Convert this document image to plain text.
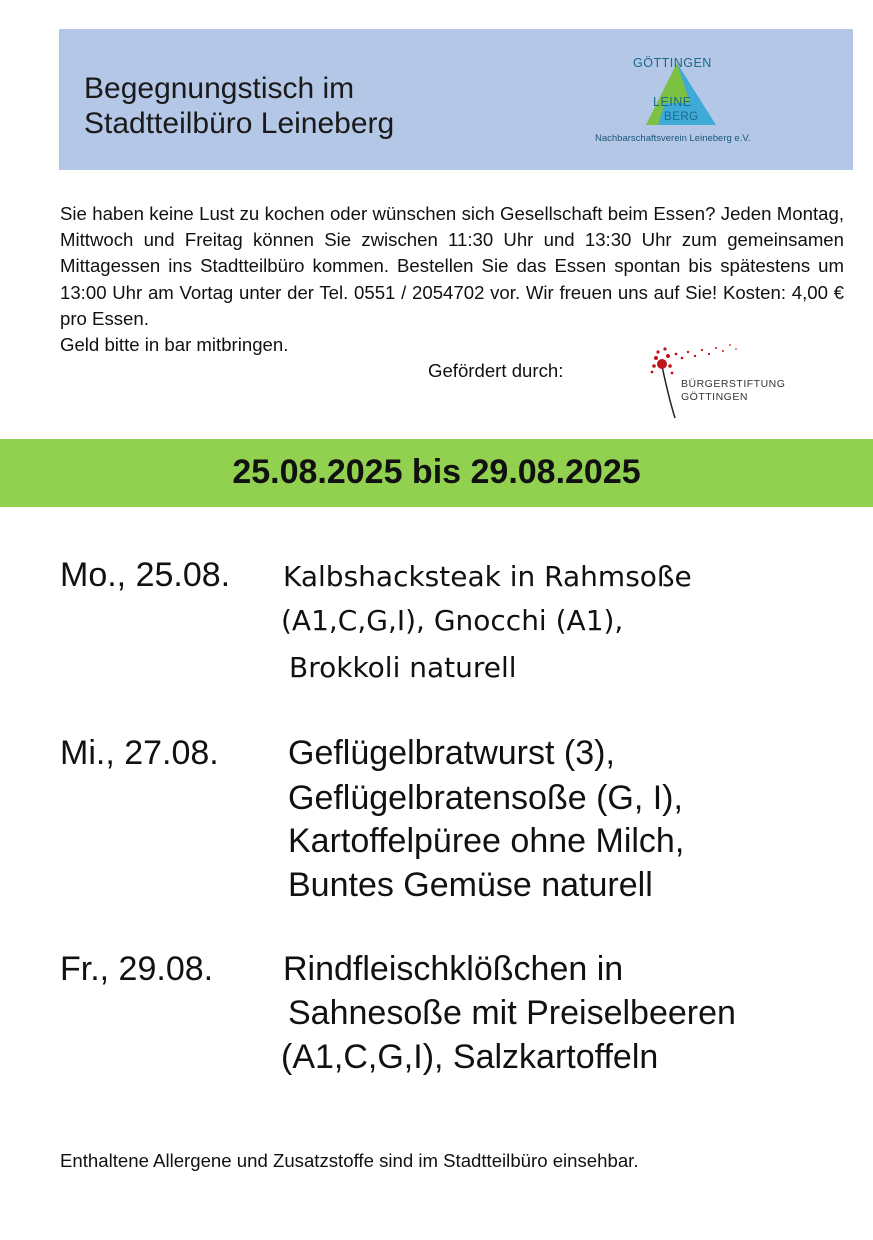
Begegnungstisch im
Stadtteilbüro Leineberg
GÖTTINGEN
LEINE
BERG
Nachbarschaftsverein Leineberg e.V.
Sie haben keine Lust zu kochen oder wünschen sich Gesellschaft beim Essen? Jeden Montag, Mittwoch und Freitag können Sie zwischen 11:30 Uhr und 13:30 Uhr zum gemeinsamen Mittagessen ins Stadtteilbüro kommen. Bestellen Sie das Essen spontan bis spätestens um 13:00 Uhr am Vortag unter der Tel. 0551 / 2054702 vor. Wir freuen uns auf Sie! Kosten: 4,00 € pro Essen.
Geld bitte in bar mitbringen.
Gefördert durch:
BÜRGERSTIFTUNG
GÖTTINGEN
25.08.2025 bis 29.08.2025
Mo., 25.08. Kalbshacksteak in Rahmsoße
(A1,C,G,I), Gnocchi (A1),
Brokkoli naturell
Mi., 27.08. Geflügelbratwurst (3),
Geflügelbratensoße (G, I),
Kartoffelpüree ohne Milch,
Buntes Gemüse naturell
Fr., 29.08. Rindfleischklößchen in
Sahnesoße mit Preiselbeeren
(A1,C,G,I), Salzkartoffeln
Enthaltene Allergene und Zusatzstoffe sind im Stadtteilbüro einsehbar.
